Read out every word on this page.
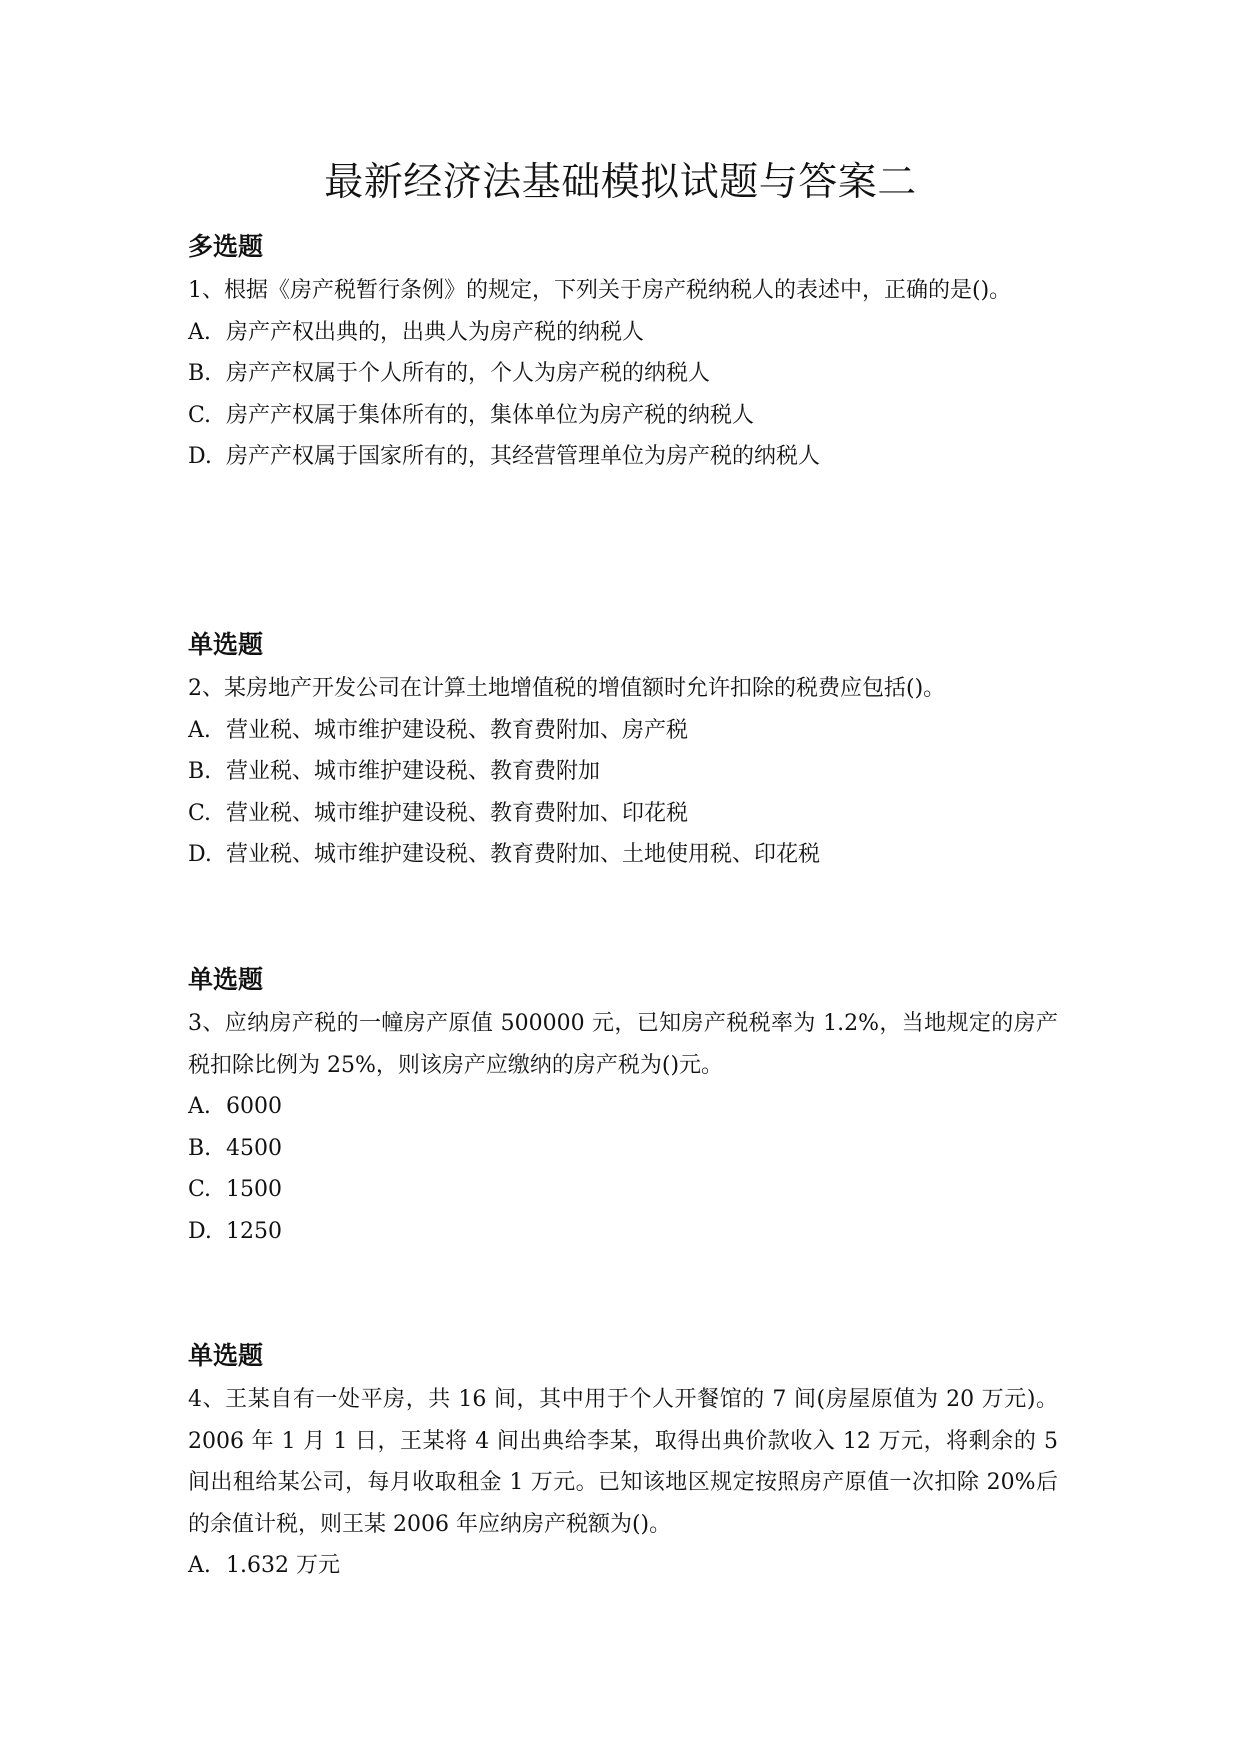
最新经济法基础模拟试题与答案二
多选题

1、根据《房产税暂行条例》的规定，下列关于房产税纳税人的表述中，正确的是()。

A. 房产产权出典的，出典人为房产税的纳税人
B. 房产产权属于个人所有的，个人为房产税的纳税人
C. 房产产权属于集体所有的，集体单位为房产税的纳税人
D. 房产产权属于国家所有的，其经营管理单位为房产税的纳税人
单选题

2、某房地产开发公司在计算土地增值税的增值额时允许扣除的税费应包括()。

A. 营业税、城市维护建设税、教育费附加、房产税
B. 营业税、城市维护建设税、教育费附加
C. 营业税、城市维护建设税、教育费附加、印花税
D. 营业税、城市维护建设税、教育费附加、土地使用税、印花税
单选题

3、应纳房产税的一幢房产原值 500000 元，已知房产税税率为 1.2%，当地规定的房产税扣除比例为 25%，则该房产应缴纳的房产税为()元。

A. 6000
B. 4500
C. 1500
D. 1250
单选题

4、王某自有一处平房，共 16 间，其中用于个人开餐馆的 7 间(房屋原值为 20 万元)。2006 年 1 月 1 日，王某将 4 间出典给李某，取得出典价款收入 12 万元，将剩余的 5 间出租给某公司，每月收取租金 1 万元。已知该地区规定按照房产原值一次扣除 20%后的余值计税，则王某 2006 年应纳房产税额为()。

A. 1.632 万元
